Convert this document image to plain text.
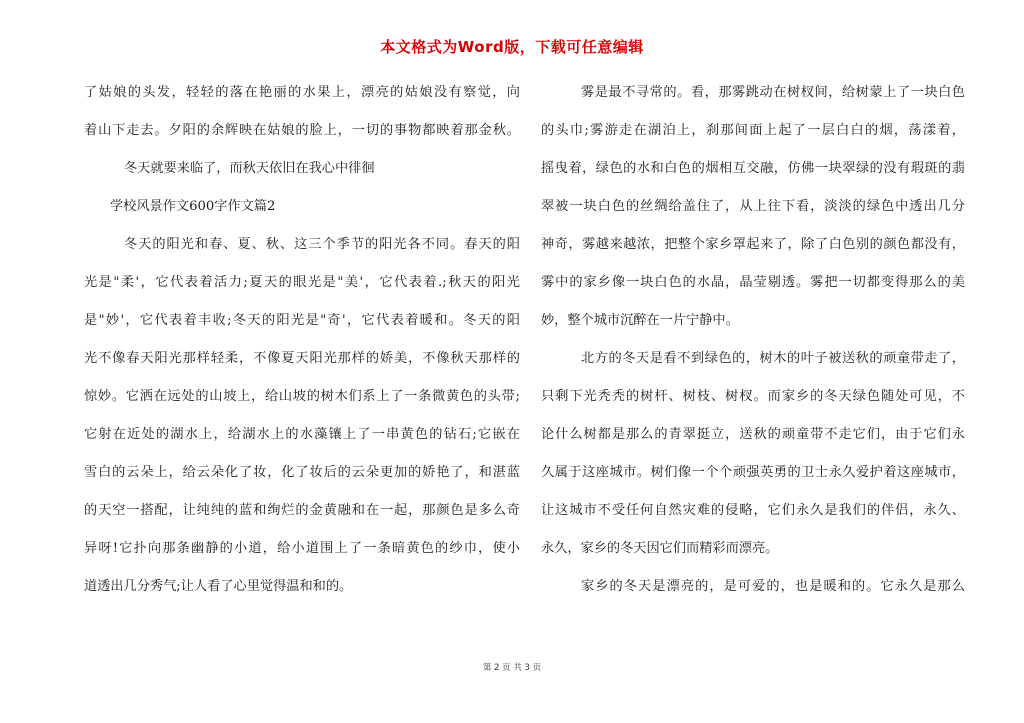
本文格式为Word版，下载可任意编辑
了姑娘的头发，轻轻的落在艳丽的水果上，漂亮的姑娘没有察觉，向
着山下走去。夕阳的余辉映在姑娘的脸上，一切的事物都映着那金秋。
冬天就要来临了，而秋天依旧在我心中徘徊
学校风景作文600字作文篇2
冬天的阳光和春、夏、秋、这三个季节的阳光各不同。春天的阳
光是"柔'，它代表着活力;夏天的眼光是"美'，它代表着.;秋天的阳光
是"妙'，它代表着丰收;冬天的阳光是"奇'，它代表着暖和。冬天的阳
光不像春天阳光那样轻柔，不像夏天阳光那样的娇美，不像秋天那样的
惊妙。它洒在远处的山坡上，给山坡的树木们系上了一条微黄色的头带;
它射在近处的湖水上，给湖水上的水藻镶上了一串黄色的钻石;它嵌在
雪白的云朵上，给云朵化了妆，化了妆后的云朵更加的娇艳了，和湛蓝
的天空一搭配，让纯纯的蓝和绚烂的金黄融和在一起，那颜色是多么奇
异呀!它扑向那条幽静的小道，给小道围上了一条暗黄色的纱巾，使小
道透出几分秀气;让人看了心里觉得温和和的。
雾是最不寻常的。看，那雾跳动在树杈间，给树蒙上了一块白色
的头巾;雾游走在湖泊上，刹那间面上起了一层白白的烟，荡漾着，
摇曳着，绿色的水和白色的烟相互交融，仿佛一块翠绿的没有瑕斑的翡
翠被一块白色的丝绸给盖住了，从上往下看，淡淡的绿色中透出几分
神奇，雾越来越浓，把整个家乡罩起来了，除了白色别的颜色都没有，
雾中的家乡像一块白色的水晶，晶莹剔透。雾把一切都变得那么的美
妙，整个城市沉醉在一片宁静中。
北方的冬天是看不到绿色的，树木的叶子被送秋的顽童带走了，
只剩下光秃秃的树杆、树枝、树杈。而家乡的冬天绿色随处可见，不
论什么树都是那么的青翠挺立，送秋的顽童带不走它们，由于它们永
久属于这座城市。树们像一个个顽强英勇的卫士永久爱护着这座城市，
让这城市不受任何自然灾难的侵略，它们永久是我们的伴侣，永久、
永久，家乡的冬天因它们而精彩而漂亮。
家乡的冬天是漂亮的，是可爱的，也是暖和的。它永久是那么
第 2 页 共 3 页
